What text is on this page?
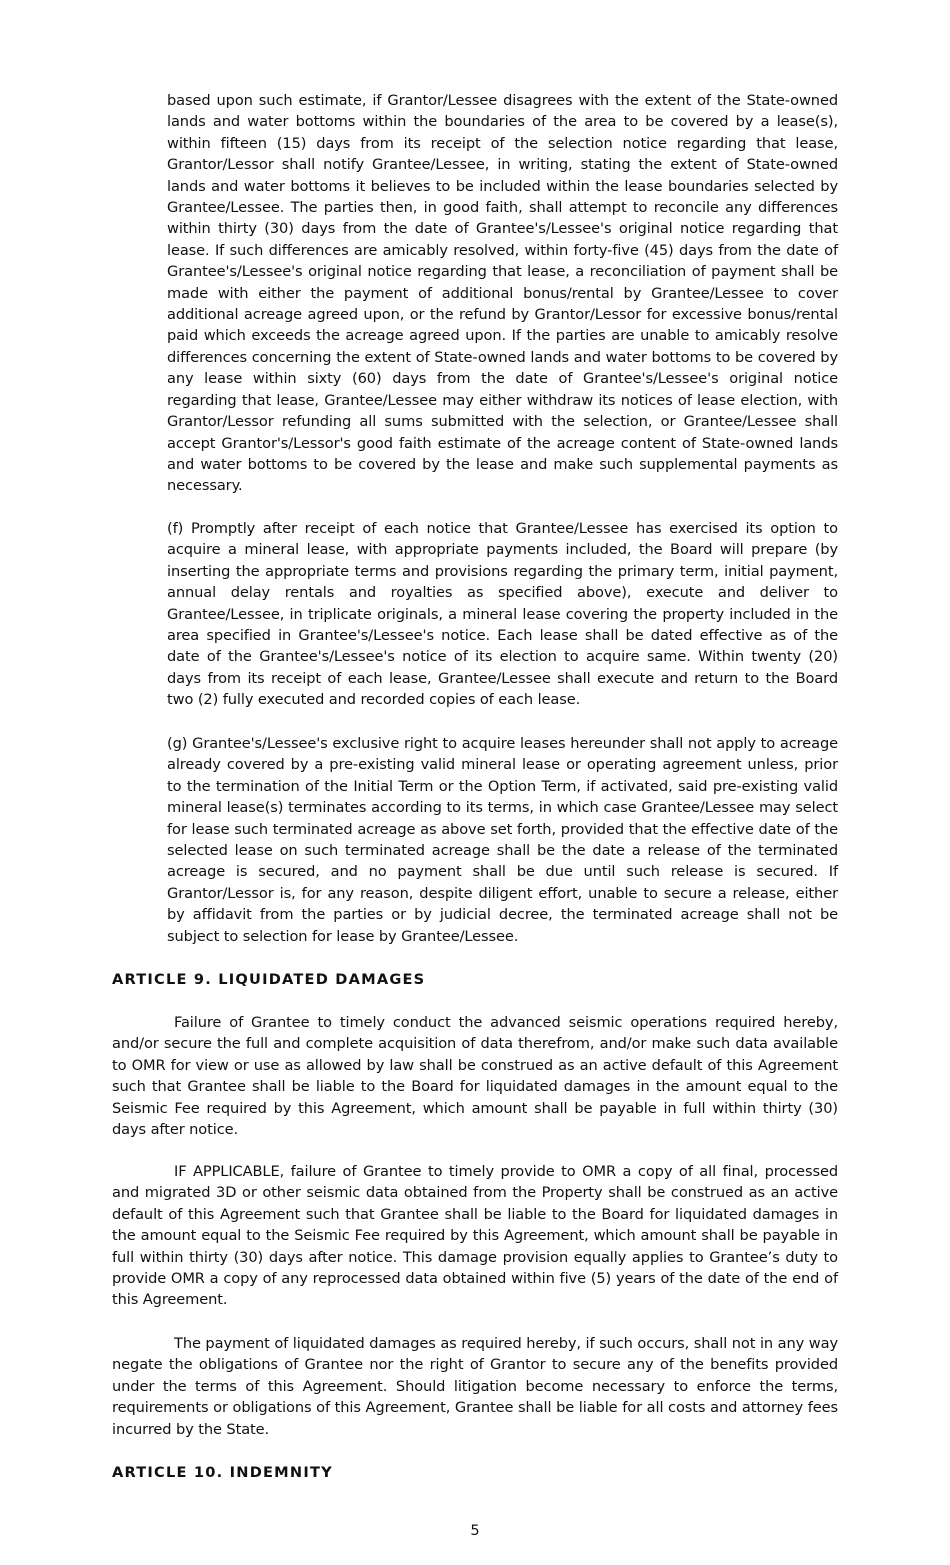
based upon such estimate, if Grantor/Lessee disagrees with the extent of the State-owned lands and water bottoms within the boundaries of the area to be covered by a lease(s), within fifteen (15) days from its receipt of the selection notice regarding that lease, Grantor/Lessor shall notify Grantee/Lessee, in writing, stating the extent of State-owned lands and water bottoms it believes to be included within the lease boundaries selected by Grantee/Lessee. The parties then, in good faith, shall attempt to reconcile any differences within thirty (30) days from the date of Grantee's/Lessee's original notice regarding that lease. If such differences are amicably resolved, within forty-five (45) days from the date of Grantee's/Lessee's original notice regarding that lease, a reconciliation of payment shall be made with either the payment of additional bonus/rental by Grantee/Lessee to cover additional acreage agreed upon, or the refund by Grantor/Lessor for excessive bonus/rental paid which exceeds the acreage agreed upon. If the parties are unable to amicably resolve differences concerning the extent of State-owned lands and water bottoms to be covered by any lease within sixty (60) days from the date of Grantee's/Lessee's original notice regarding that lease, Grantee/Lessee may either withdraw its notices of lease election, with Grantor/Lessor refunding all sums submitted with the selection, or Grantee/Lessee shall accept Grantor's/Lessor's good faith estimate of the acreage content of State-owned lands and water bottoms to be covered by the lease and make such supplemental payments as necessary.

(f) Promptly after receipt of each notice that Grantee/Lessee has exercised its option to acquire a mineral lease, with appropriate payments included, the Board will prepare (by inserting the appropriate terms and provisions regarding the primary term, initial payment, annual delay rentals and royalties as specified above), execute and deliver to Grantee/Lessee, in triplicate originals, a mineral lease covering the property included in the area specified in Grantee's/Lessee's notice. Each lease shall be dated effective as of the date of the Grantee's/Lessee's notice of its election to acquire same. Within twenty (20) days from its receipt of each lease, Grantee/Lessee shall execute and return to the Board two (2) fully executed and recorded copies of each lease.

(g) Grantee's/Lessee's exclusive right to acquire leases hereunder shall not apply to acreage already covered by a pre-existing valid mineral lease or operating agreement unless, prior to the termination of the Initial Term or the Option Term, if activated, said pre-existing valid mineral lease(s) terminates according to its terms, in which case Grantee/Lessee may select for lease such terminated acreage as above set forth, provided that the effective date of the selected lease on such terminated acreage shall be the date a release of the terminated acreage is secured, and no payment shall be due until such release is secured. If Grantor/Lessor is, for any reason, despite diligent effort, unable to secure a release, either by affidavit from the parties or by judicial decree, the terminated acreage shall not be subject to selection for lease by Grantee/Lessee.

ARTICLE 9. LIQUIDATED DAMAGES

Failure of Grantee to timely conduct the advanced seismic operations required hereby, and/or secure the full and complete acquisition of data therefrom, and/or make such data available to OMR for view or use as allowed by law shall be construed as an active default of this Agreement such that Grantee shall be liable to the Board for liquidated damages in the amount equal to the Seismic Fee required by this Agreement, which amount shall be payable in full within thirty (30) days after notice.

IF APPLICABLE, failure of Grantee to timely provide to OMR a copy of all final, processed and migrated 3D or other seismic data obtained from the Property shall be construed as an active default of this Agreement such that Grantee shall be liable to the Board for liquidated damages in the amount equal to the Seismic Fee required by this Agreement, which amount shall be payable in full within thirty (30) days after notice. This damage provision equally applies to Grantee’s duty to provide OMR a copy of any reprocessed data obtained within five (5) years of the date of the end of this Agreement.

The payment of liquidated damages as required hereby, if such occurs, shall not in any way negate the obligations of Grantee nor the right of Grantor to secure any of the benefits provided under the terms of this Agreement. Should litigation become necessary to enforce the terms, requirements or obligations of this Agreement, Grantee shall be liable for all costs and attorney fees incurred by the State.

ARTICLE 10. INDEMNITY
5
